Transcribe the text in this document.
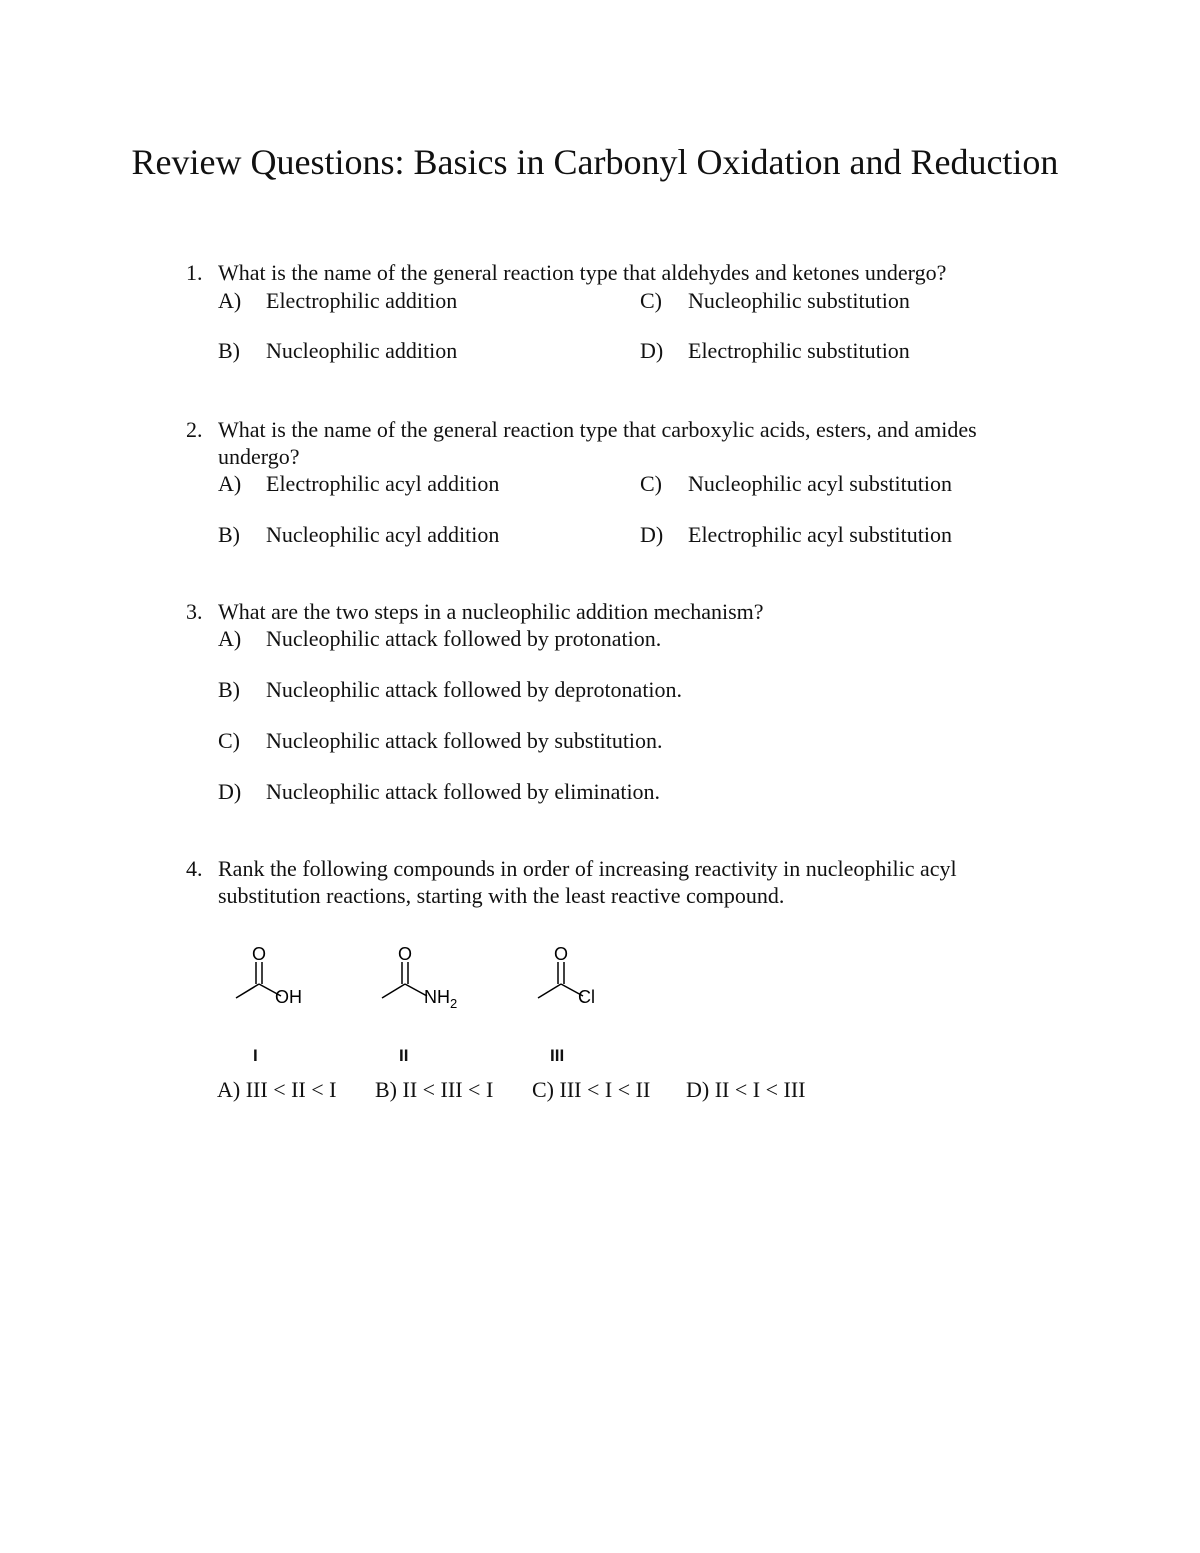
Review Questions: Basics in Carbonyl Oxidation and Reduction
1. What is the name of the general reaction type that aldehydes and ketones undergo?
A) Electrophilic addition
B) Nucleophilic addition
C) Nucleophilic substitution
D) Electrophilic substitution
2. What is the name of the general reaction type that carboxylic acids, esters, and amides undergo?
A) Electrophilic acyl addition
B) Nucleophilic acyl addition
C) Nucleophilic acyl substitution
D) Electrophilic acyl substitution
3. What are the two steps in a nucleophilic addition mechanism?
A) Nucleophilic attack followed by protonation.
B) Nucleophilic attack followed by deprotonation.
C) Nucleophilic attack followed by substitution.
D) Nucleophilic attack followed by elimination.
4. Rank the following compounds in order of increasing reactivity in nucleophilic acyl substitution reactions, starting with the least reactive compound.
O
OH
O
$NH_2$
O
Cl
I	II	III
A) III < II < I B) II < III < I C) III < I < II D) II < I < III
